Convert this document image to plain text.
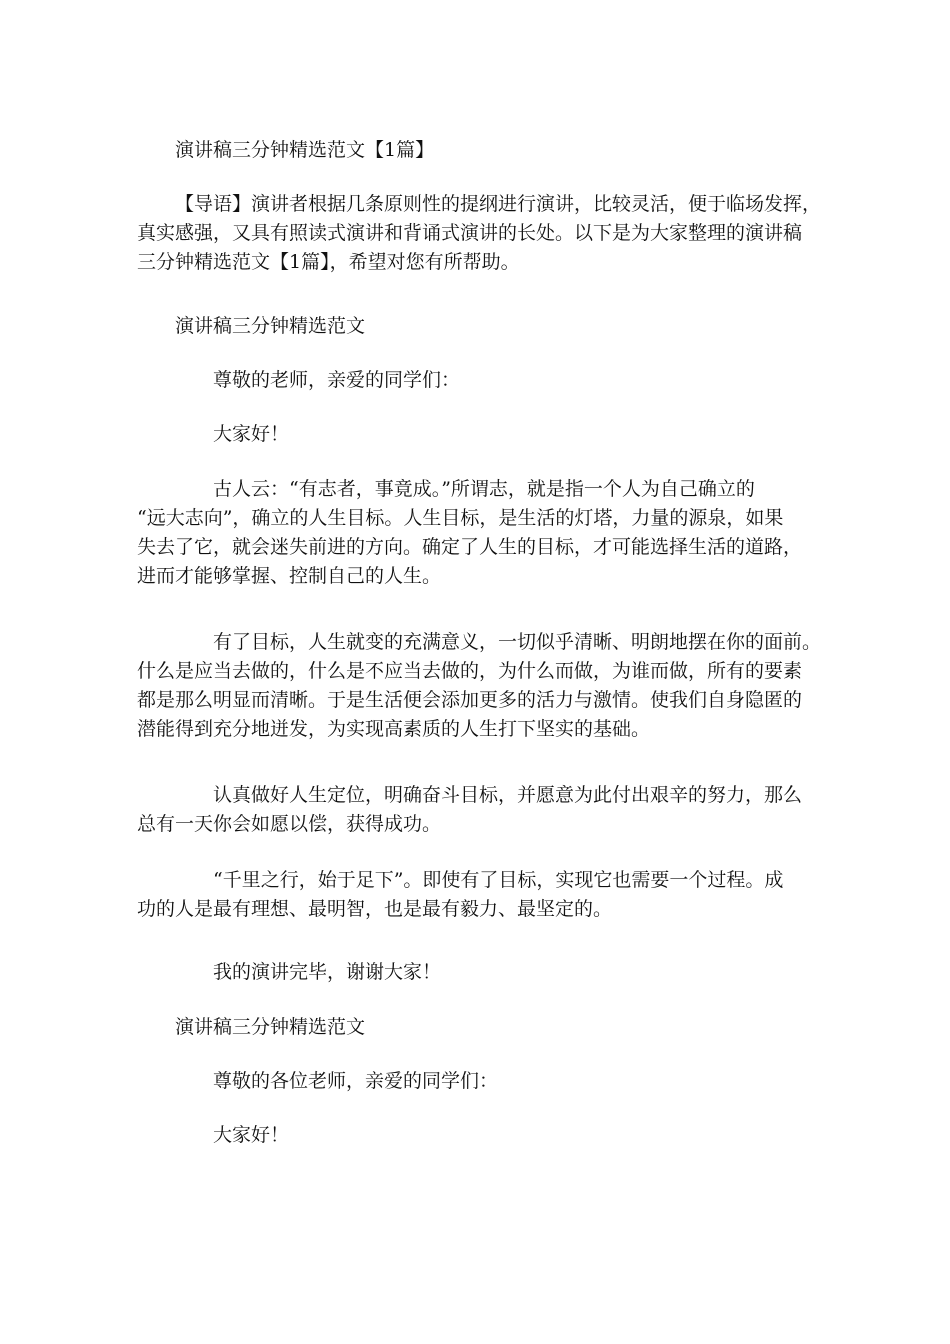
演讲稿三分钟精选范文【1篇】

【导语】演讲者根据几条原则性的提纲进行演讲，比较灵活，便于临场发挥，
真实感强，又具有照读式演讲和背诵式演讲的长处。以下是为大家整理的演讲稿
三分钟精选范文【1篇】，希望对您有所帮助。

演讲稿三分钟精选范文

尊敬的老师，亲爱的同学们：

大家好！

古人云：“有志者，事竟成。”所谓志，就是指一个人为自己确立的
“远大志向”，确立的人生目标。人生目标，是生活的灯塔，力量的源泉，如果
失去了它，就会迷失前进的方向。确定了人生的目标，才可能选择生活的道路，
进而才能够掌握、控制自己的人生。
有了目标，人生就变的充满意义，一切似乎清晰、明朗地摆在你的面前。
什么是应当去做的，什么是不应当去做的，为什么而做，为谁而做，所有的要素
都是那么明显而清晰。于是生活便会添加更多的活力与激情。使我们自身隐匿的
潜能得到充分地迸发，为实现高素质的人生打下坚实的基础。
认真做好人生定位，明确奋斗目标，并愿意为此付出艰辛的努力，那么
总有一天你会如愿以偿，获得成功。
“千里之行，始于足下”。即使有了目标，实现它也需要一个过程。成
功的人是最有理想、最明智，也是最有毅力、最坚定的。

我的演讲完毕，谢谢大家！

演讲稿三分钟精选范文

尊敬的各位老师，亲爱的同学们：

大家好！
